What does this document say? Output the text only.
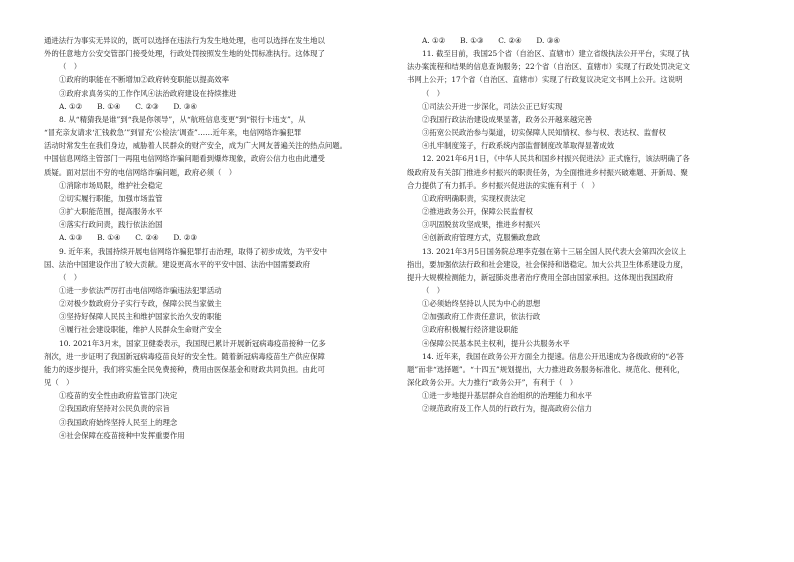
通进法行为事实无异议的，既可以选择在违法行为发生地处理，也可以选择在发生地以

外的任意地方公安交管部门接受处理，行政处罚按照发生地的处罚标准执行。这体现了

（　）

①政府的职能在不断增加②政府转变职能以提高效率

③政府求真务实的工作作风④法治政府建设在持续推进

A. ①②　　B. ①④　　C. ②③　　D. ③④

8. 从“精猜我是谁”到“我是你领导”，从“航班信息变更”到“银行卡违支”，从

“冒充亲友请求‘汇钱救急’”到冒充‘公检法’调查”……近年来，电信网络诈骗犯罪

活动时常发生在我们身边，威胁着人民群众的财产安全，成为广大网友普遍关注的热点问题。

中国信息网络主管部门一再阻电信网络诈骗问题看到爆炸现象，政府公信力也由此遭受

质疑。面对层出不穷的电信网络诈骗问题，政府必须（　）

①消除市场局限，维护社会稳定

②切实履行职能，加强市场监管

③扩大职能范围，提高服务水平

④落实行政问责，践行依法治国

A. ①③　　B. ①④　　C. ②④　　D. ②③

9. 近年来，我国持续开展电信网络诈骗犯罪打击治理，取得了初步成效，为平安中

国、法治中国建设作出了较大贡献。建设更高水平的平安中国、法治中国需要政府

（　）

①进一步依法严厉打击电信网络诈骗违法犯罪活动

②对极少数政府分子实行专政，保障公民当家做主

③坚持好保障人民民主和维护国家长治久安的职能

④履行社会建设职能，维护人民群众生命财产安全

10. 2021年3月末，国家卫健委表示，我国现已累计开展新冠病毒疫苗接种一亿多

剂次，进一步证明了我国新冠病毒疫苗良好的安全性。随着新冠病毒疫苗生产供应保障

能力的逐步提升，我们将实施全民免费接种，费用由医保基金和财政共同负担。由此可

见（　）

①疫苗的安全性由政府监管部门决定

②我国政府坚持对公民负责的宗旨

③我国政府始终坚持人民至上的理念

④社会保障在疫苗接种中发挥重要作用

A. ①②　　B. ①③　　C. ②④　　D. ③④

11. 截至目前，我国25个省（自治区、直辖市）建立省级执法公开平台，实现了执

法办案流程和结果的信息查询服务；22个省（自治区、直辖市）实现了行政处罚决定文

书网上公开；17个省（自治区、直辖市）实现了行政复议决定文书网上公开。这说明

（　）

①司法公开进一步深化，司法公正已好实现

②我国行政法治建设成果显著，政务公开越来越完善

③拓宽公民政治参与渠道，切实保障人民知情权、参与权、表达权、监督权

④扎牢制度笼子，行政系统内部监督制度改革取得显著成效

12. 2021年6月1日，《中华人民共和国乡村振兴促进法》正式施行，该法明确了各

级政府及有关部门推进乡村振兴的职责任务，为全面推进乡村振兴破难题、开新局、聚

合力提供了有力抓手。乡村振兴促进法的实施有利于（　）

①政府明确职责，实现权责法定

②推进政务公开，保障公民监督权

③巩固脱贫攻坚成果，推进乡村振兴

④创新政府管理方式，克服懒政怠政

13. 2021年3月5日国务院总理李克强在第十三届全国人民代表大会第四次会议上

指出，要加强依法行政和社会建设，社会保持和谐稳定。加大公共卫生体系建设力度，

提升大规模检测能力，新冠肺炎患者治疗费用全部由国家承担。这体现出我国政府

（　）

①必须始终坚持以人民为中心的思想

②加强政府工作责任意识，依法行政

③政府积极履行经济建设职能

④保障公民基本民主权利，提升公共服务水平

14. 近年来，我国在政务公开方面全力提速。信息公开迅速成为各级政府的“必答

题”而非“选择题”。“十四五”规划提出，大力推进政务服务标准化、规范化、便利化，

深化政务公开。大力推行“政务公开”，有利于（　）

①进一步地提升基层群众自治组织的治理能力和水平

②规范政府及工作人员的行政行为，提高政府公信力
